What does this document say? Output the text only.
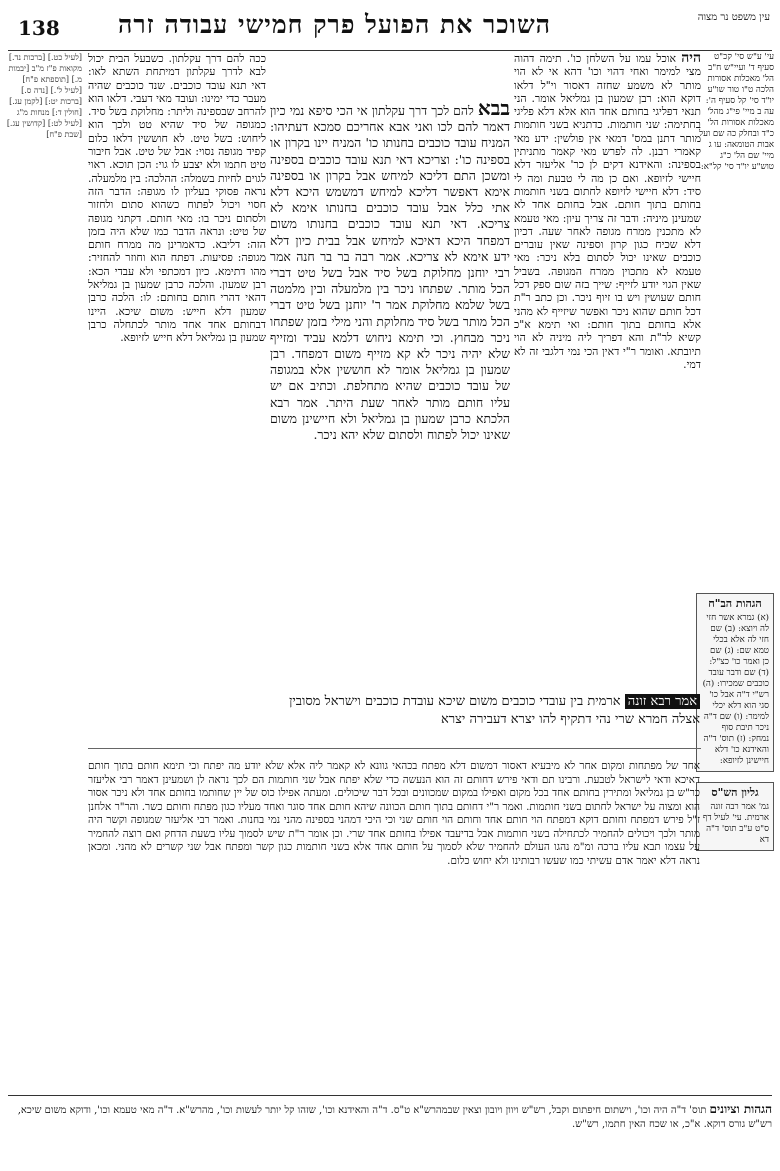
עין משפט נר מצוה
השוכר את הפועל פרק חמישי עבודה זרה
138
עי' ע"ש סי' קכ"ט סעיף ד' ועיי"ש ח"ב הל' מאכלות אסורות הלכה ט"ו טור שו"ע יו"ד סי' קל סעיף ה': עה ב מיי' פי"ג מהל' מאכלות אסורות הל' כ"ד ובחלק כה שם ועל אבות הטומאה: עו ג מיי' שם הל' כ"ג טוש"ע יו"ד סי' קל"א:
הגהות הב"ח
(א) גמרא אשר חזי לה ויוצא: (ב) שם חזי לה אלא בכלי טמא שם: (ג) שם כן ואמר כו' כצ"ל: (ד) שם ודבר עובד כוכבים שמכירו: (ה) רש"י ד"ה אבל כו' סגי הוא דלא יכלי למימר: (ו) שם ד"ה ניכר תיבת סוף נמחק: (ז) תוס' ד"ה והאידנא כו' דלא חיישינן לזיופא:
גליון הש"ס
גמ' אמר רבה זונה ארמית. עי' לעיל דף ס"ט ע"ב תוס' ד"ה דא
היה אוכל עמו על השלחן כו'. תימה דהוה מצי למימר ואחי דהוי וכו' דהא אי לא הוי מותר לא משמע שחזה דאסור וי"ל דלאו דוקא הוא: רבן שמעון בן גמליאל אומר. הני תנאי דפליגי בחותם אחד הוא אלא דלא פליגי בחתימה: שני חותמות. כדתניא בשני חותמות מותר דתנן במס' דמאי אין פולשין: ידע מאי קאמרי רבנן. לה לפרש מאי קאמר מתניתין בספינה: והאידנא דקים לן כר' אליעזר דלא חיישי לזיופא. ואם כן מה לי טבעת ומה לי סיד: דלא חיישי לזיופא לחתום בשני חותמות בחותם בתוך חותם. אבל בחותם אחד לא שמעינן מיניה: ודבר זה צריך עיון: מאי טעמא לא מתכנין ממרח מגופה לאחר שעה. דכיון דלא שכיח כגון קרון וספינה שאין עוברים כוכבים שאינו יכול לסתום בלא ניכר: מאי טעמא לא מתכוין ממרח המגופה. בשביל שאין הגוי יודע לזייף: שייך בזה שום ספק דכל חותם שעושין ויש בו זיוף ניכר. וכן כתב ר"ת דכל חותם שהוא ניכר ואפשר שיזייף לא מהני אלא בחותם בתוך חותם: ואי תימא א"כ קשיא לר"ת והא דפריך ליה מיניה לא הוי תיובתא. ואומר ר"י דאין הכי נמי דלגבי זה לא דמי.
בבא להם לכך דרך עקלתון אי הכי סיפא נמי כיון דאמר להם לכו ואני אבא אחריכם סמכא דעתיהו: המניח עובד כוכבים בחנותו כו' המניח יינו בקרון או בספינה כו': וצריכא דאי תנא עובד כוכבים בספינה ומשכן התם דליכא למיחש אבל בקרון או בספינה אימא דאפשר דליכא למיחש דמשמש היכא דלא אתי כלל אבל עובד כוכבים בחנותו אימא לא צריכא. דאי תנא עובד כוכבים בחנותו משום דמפחד היכא דאיכא למיחש אבל בבית כיון דלא ידע אימא לא צריכא. אמר רבה בר בר חנה אמר רבי יוחנן מחלוקת בשל סיד אבל בשל טיט דברי הכל מותר. שפתחו ניכר בין מלמעלה ובין מלמטה בשל שלמא מחלוקת אמר ר' יוחנן בשל טיט דברי הכל מותר בשל סיד מחלוקת והני מילי בזמן שפתחו ניכר מבחוץ. וכי תימא ניחוש דלמא עביד ומזייף שלא יהיה ניכר לא קא מזייף משום דמפחד. רבן שמעון בן גמליאל אומר לא חוששין אלא במגופה של עובד כוכבים שהיא מתחלפת. וכתיב אם יש עליו חותם מותר לאחר שעת היתר. אמר רבא הלכתא כרבן שמעון בן גמליאל ולא חיישינן משום שאינו יכול לפתוח ולסתום שלא יהא ניכר.
ככה להם דרך עקלתון. כשבעל הבית יכול לבא לדרך עקלתון דמיתחת השתא לאו: דאי תנא עובד כוכבים. שנד כוכבים שהיה מעבר כדי ימינו: ועובד מאי דעבי. דלאו הוא להרחב שבספינה וליתר: מחלוקת בשל סיד. כמגופה של סיד שהיא טט ולכך הוא ליחוש: בשל טיט. לא חוששין דלאו כלום קפיד מגופה נסוי: אבל של טיט. אבל חיבור טיט חתמו ולא יצבע לו גוי: הכן תוכא. ראוי לגוים לחיות בשמלה: ההלכה: בין מלמעלה. נראה פסוקי בעליון לו מגופה: הדבר הזה חסוי ויכול לפתוח כשהוא סתום ולחזור ולסתום ניכר בו: מאי חותם. דקתני מגופה של טיט: ונראה הדבר כמו שלא היה בזמן הזה: דליבא. כדאמרינן מה ממרח חותם מגופה: פסיעות. דפתח הוא וחוזר להחזיר: מהו דתימא. כיון דמכתפי ולא עבדי הכא: רבן שמעון. והלכה כרבן שמעון בן גמליאל דהאי דהרי חותם בחותם: לו: הלכה כרבן שמעון דלא חייש: משום שיכא. היינו דבחותם אחד אחד מותר לכתחלה כרבן שמעון בן גמליאל דלא חייש לזיופא.
אמר רבא זונה ארמית בין עובדי כוכבים משום שיכא עובדת כוכבים וישראל מסובין אצלה חמרא שרי נהי דתקיף להו יצרא דעבירה יצרא
אחד של מפתחות ומקום אחר לא מיבעיא דאסור דמשום דלא מפתח בכהאי גוונא לא קאמר ליה אלא שלא יודע מה יפתח וכי תימא חותם בתוך חותם דאיכא ודאי לישראל לטבעת. ורבינו תם ודאי פירש דחותם זה הוא הנעשה כדי שלא יפתח אבל שני חותמות הם לכך נראה לן ושמעינן דאמר רבי אליעזר כר"ש בן גמליאל ומתירין בחותם אחד בכל מקום ואפילו במקום שמכוונים ובכל דבר שיכולים. ומעתה אפילו כוס של יין שחותמו בחותם אחד ולא ניכר אסור הוא ומצוה על ישראל לחתום בשני חותמות. ואמר ר"י דחותם בתוך חותם הכוונה שיהא חותם אחד סוגר ואחד מעליו כגון מפתח וחותם כשר. והר"ר אלחנן ז"ל פירש דמפתח וחותם דוקא דמפתח הוי חותם אחד וחותם הוי חותם שני וכי היכי דמהני בספינה מהני נמי בחנות. ואמר רבי אליעזר שמגופה וקשר היה מותר ולכך ויכולים להחמיר לכתחילה בשני חותמות אבל בדיעבד אפילו בחותם אחד שרי. וכן אומר ר"ת שיש לסמוך עליו בשעת הדחק ואם רוצה להחמיר על עצמו תבא עליו ברכה ומ"מ נהגו העולם להחמיר שלא לסמוך על חותם אחד אלא בשני חותמות כגון קשר ומפתח אבל שני קשרים לא מהני. ומכאן נראה דלא יאמר אדם עשיתי כמו שעשו רבותינו ולא יחוש כלום.
[לעיל כט.] [ברכות נד.] מקואות פ"ז מ"ב [יבמות מ.] [תוספתא פ"ח] [לעיל ל'.] [נדה ס.] [ברכות יט:] [לקמן עג.] [חולין ד:] מנחות מ"ג [לעיל לט:] [קדושין עג.] [שבת פ"ח]
הגהות וציונים תוס' ד"ה היה וכו', וישתום חיפתום וקבל, רש"ש ויוון ויובון וצאין שבמהרש"א ט"ס. ד"ה והאידנא וכו', שזהו קל יותר לעשות וכו', מהרש"א. ד"ה מאי טעמא וכו', ודוקא משום שיכא, רש"ש גורס דוקא. א"כ, או שכח האין חתמו, רש"ש.
